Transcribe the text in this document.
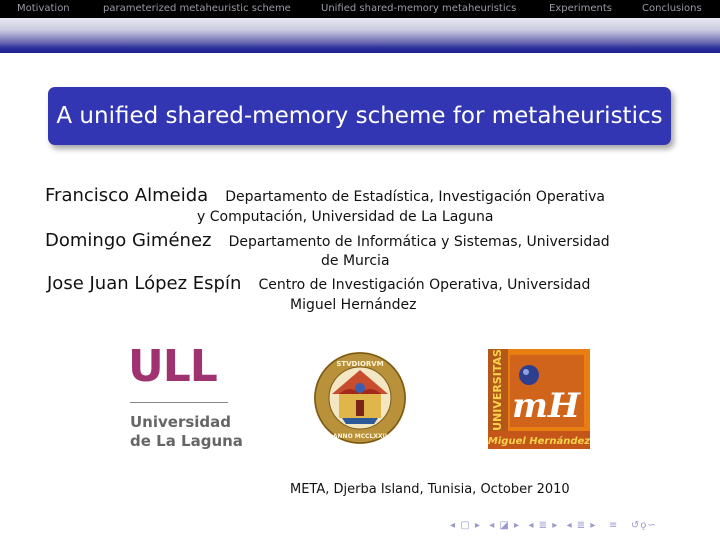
Motivation	parameterized metaheuristic scheme	Unified shared-memory metaheuristics	Experiments	Conclusions
A unified shared-memory scheme for metaheuristics
Francisco Almeida Departamento de Estadística, Investigación Operativa
y Computación, Universidad de La Laguna
Domingo Giménez Departamento de Informática y Sistemas, Universidad
de Murcia
Jose Juan López Espín Centro de Investigación Operativa, Universidad
Miguel Hernández
ULL
Universidad
de La Laguna
STVDIORVM
ANNO MCCLXXII
UNIVERSITAS mH
Miguel Hernández
META, Djerba Island, Tunisia, October 2010
◂ ▢ ▸ ◂ ◪ ▸ ◂ ≣ ▸ ◂ ≣ ▸ ≡ ↺ǫ∽
